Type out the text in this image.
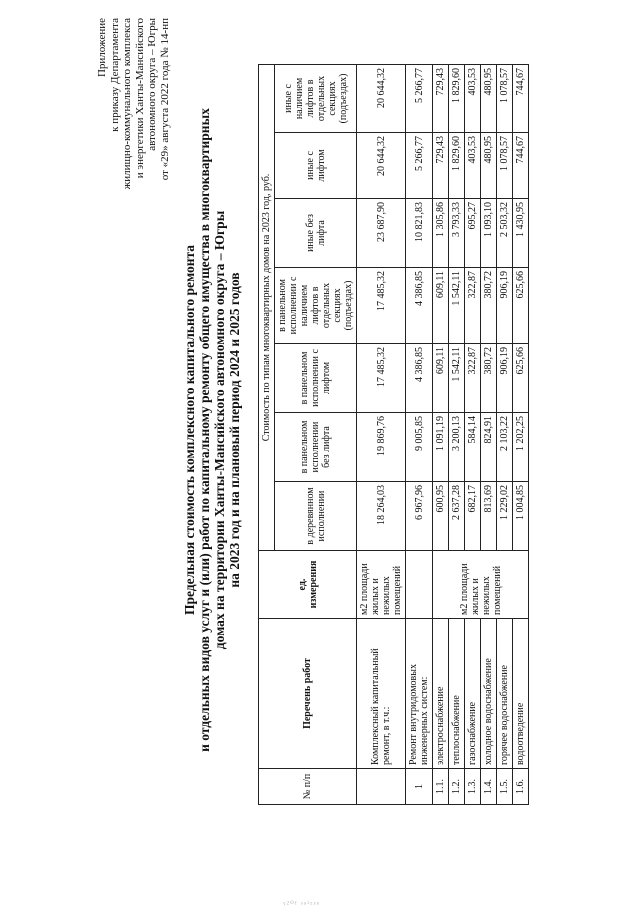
ᵞ²⁰ᶠ ˢᵃⁱᶻᶻᵉ
Приложение к приказу Департамента жилищно-коммунального комплекса и энергетики Ханты-Мансийского автономного округа – Югры от «29» августа 2022 года № 14-нп
Предельная стоимость комплексного капитального ремонта и отдельных видов услуг и (или) работ по капитальному ремонту общего имущества в многоквартирных домах на территории Ханты-Мансийского автономного округа – Югры на 2023 год и на плановый период 2024 и 2025 годов
№ п/п	Перечень работ	ед. измерения	Стоимость по типам многоквартирных домов на 2023 год, руб.						
			в деревянном исполнении	в панельном исполнении без лифта	в панельном исполнении с лифтом	в панельном исполнении с наличием лифтов в отдельных секциях (подъездах)	иные без лифта	иные с лифтом	иные с наличием лифтов в отдельных секциях (подъездах)
	Комплексный капитальный ремонт, в т.ч.:	м2 площади жилых и нежилых помещений	18 264,03	19 869,76	17 485,32	17 485,32	23 687,90	20 644,32	20 644,32
1	Ремонт внутридомовых инженерных систем:		6 967,96	9 005,85	4 386,85	4 386,85	10 821,83	5 266,77	5 266,77
1.1.	электроснабжение	м2 площади жилых и нежилых помещений	600,95	1 091,19	609,11	609,11	1 305,86	729,43	729,43
1.2.	теплоснабжение		2 637,28	3 200,13	1 542,11	1 542,11	3 793,33	1 829,60	1 829,60
1.3.	газоснабжение		682,17	584,14	322,87	322,87	695,27	403,53	403,53
1.4.	холодное водоснабжение		813,69	824,91	380,72	380,72	1 093,10	480,95	480,95
1.5.	горячее водоснабжение		1 229,02	2 103,22	906,19	906,19	2 503,32	1 078,57	1 078,57
1.6.	водоотведение		1 004,85	1 202,25	625,66	625,66	1 430,95	744,67	744,67
